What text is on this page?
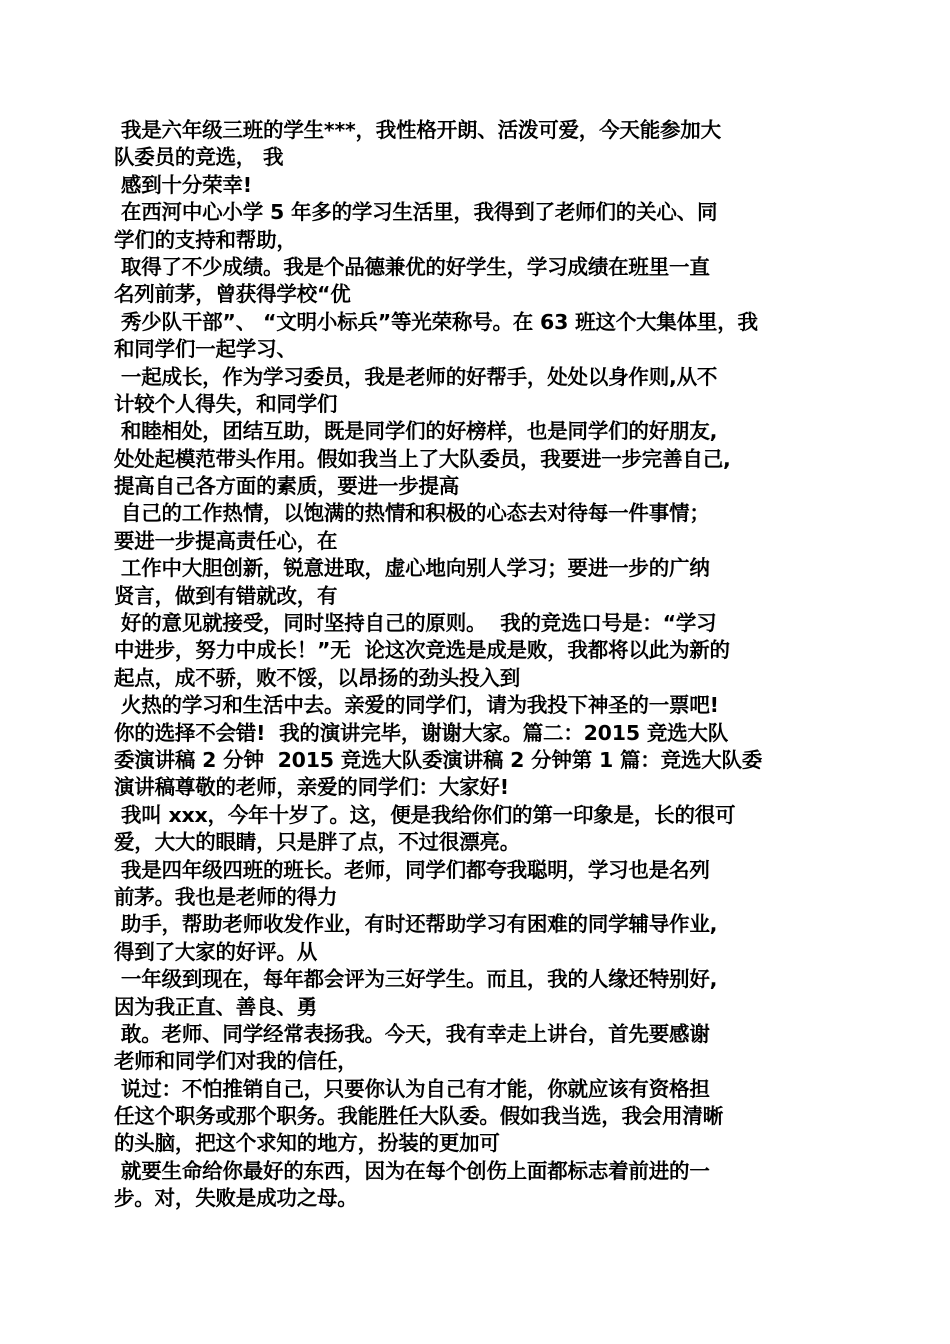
我是六年级三班的学生***，我性格开朗、活泼可爱，今天能参加大
队委员的竞选， 我
感到十分荣幸!
在西河中心小学 5 年多的学习生活里，我得到了老师们的关心、同
学们的支持和帮助，
取得了不少成绩。我是个品德兼优的好学生，学习成绩在班里一直
名列前茅，曾获得学校“优
秀少队干部”、 “文明小标兵”等光荣称号。在 63 班这个大集体里，我
和同学们一起学习、
一起成长，作为学习委员，我是老师的好帮手，处处以身作则,从不
计较个人得失，和同学们
和睦相处，团结互助，既是同学们的好榜样，也是同学们的好朋友,
处处起模范带头作用。假如我当上了大队委员，我要进一步完善自己,
提高自己各方面的素质，要进一步提高
自己的工作热情，以饱满的热情和积极的心态去对待每一件事情；
要进一步提高责任心，在
工作中大胆创新，锐意进取，虚心地向别人学习；要进一步的广纳
贤言，做到有错就改，有
好的意见就接受，同时坚持自己的原则。  我的竞选口号是：“学习
中进步，努力中成长！”无  论这次竞选是成是败，我都将以此为新的
起点，成不骄，败不馁，以昂扬的劲头投入到
火热的学习和生活中去。亲爱的同学们，请为我投下神圣的一票吧!
你的选择不会错!  我的演讲完毕，谢谢大家。篇二：2015 竞选大队
委演讲稿 2 分钟  2015 竞选大队委演讲稿 2 分钟第 1 篇：竞选大队委
演讲稿尊敬的老师，亲爱的同学们：大家好!
我叫 xxx，今年十岁了。这，便是我给你们的第一印象是，长的很可
爱，大大的眼睛，只是胖了点，不过很漂亮。
我是四年级四班的班长。老师，同学们都夸我聪明，学习也是名列
前茅。我也是老师的得力
助手，帮助老师收发作业，有时还帮助学习有困难的同学辅导作业,
得到了大家的好评。从
一年级到现在，每年都会评为三好学生。而且，我的人缘还特别好,
因为我正直、善良、勇
敢。老师、同学经常表扬我。今天，我有幸走上讲台，首先要感谢
老师和同学们对我的信任，
说过：不怕推销自己，只要你认为自己有才能，你就应该有资格担
任这个职务或那个职务。我能胜任大队委。假如我当选，我会用清晰
的头脑，把这个求知的地方，扮装的更加可
就要生命给你最好的东西，因为在每个创伤上面都标志着前进的一
步。对，失败是成功之母。
